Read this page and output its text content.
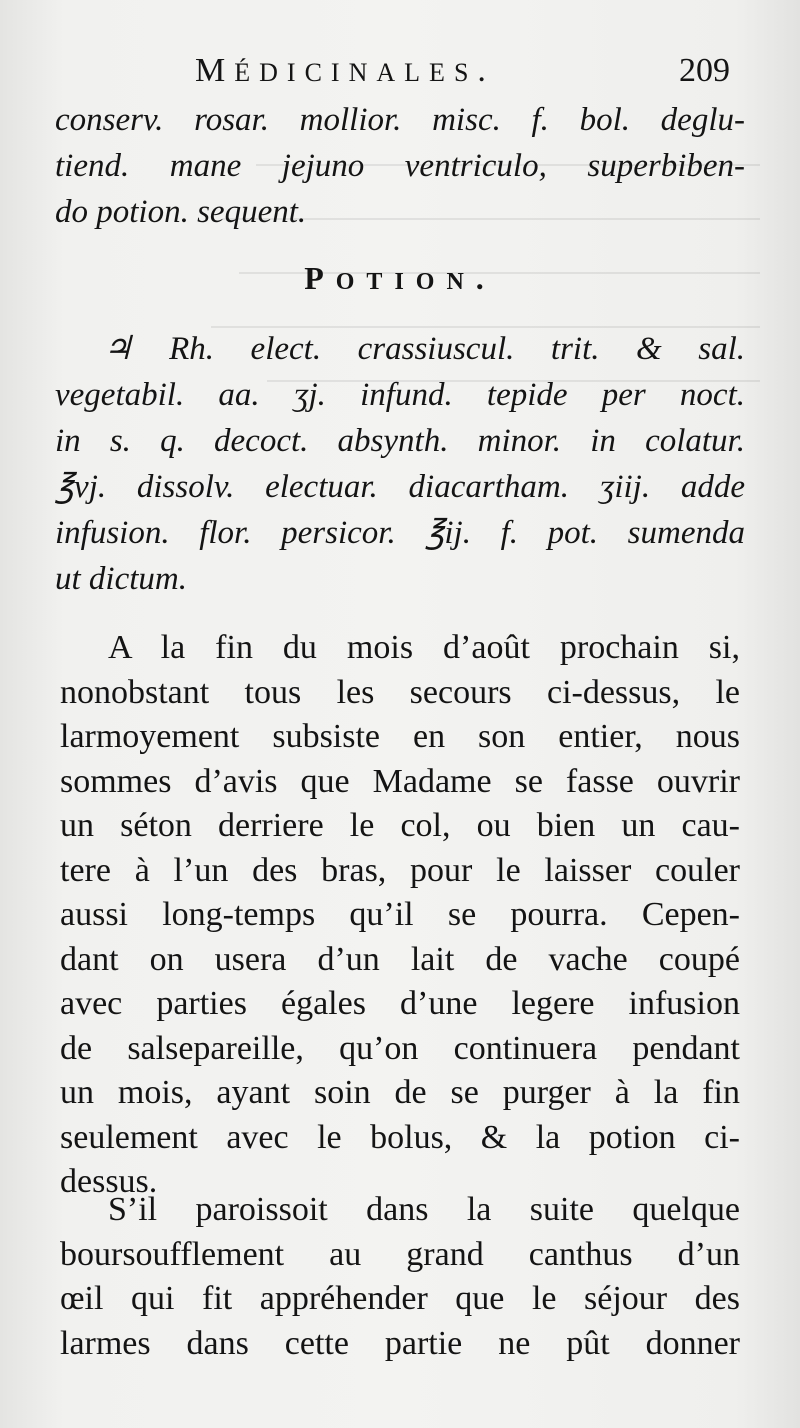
MÉDICINALES.	209
conserv. rosar. mollior. misc. f. bol. deglu-
tiend. mane jejuno ventriculo, superbiben-
do potion. sequent.
POTION.
♃ Rh. elect. crassiuscul. trit. & sal.
vegetabil. aa. ʒj. infund. tepide per noct.
in s. q. decoct. absynth. minor. in colatur.
℥vj. dissolv. electuar. diacartham. ʒiij. adde
infusion. flor. persicor. ℥ij. f. pot. sumenda
ut dictum.
A la fin du mois d’août prochain si,
nonobstant tous les secours ci-dessus, le
larmoyement subsiste en son entier, nous
sommes d’avis que Madame se fasse ouvrir
un séton derriere le col, ou bien un cau-
tere à l’un des bras, pour le laisser couler
aussi long-temps qu’il se pourra. Cepen-
dant on usera d’un lait de vache coupé
avec parties égales d’une legere infusion
de salsepareille, qu’on continuera pendant
un mois, ayant soin de se purger à la fin
seulement avec le bolus, & la potion ci-
dessus.
S’il paroissoit dans la suite quelque
boursoufflement au grand canthus d’un
œil qui fit appréhender que le séjour des
larmes dans cette partie ne pût donner
